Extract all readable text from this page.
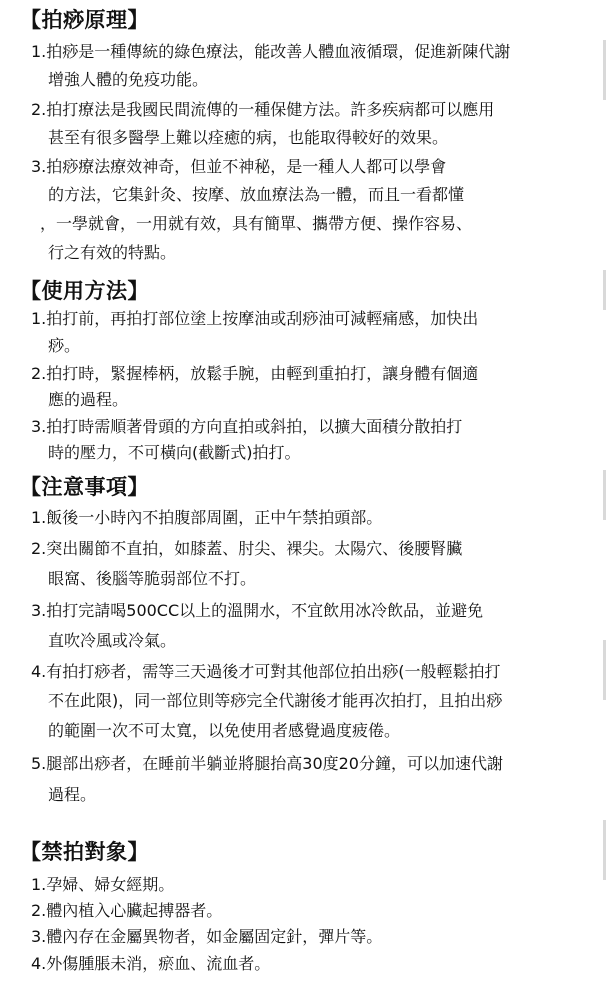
【拍痧原理】
1.拍痧是一種傳統的綠色療法，能改善人體血液循環，促進新陳代謝
增強人體的免疫功能。
2.拍打療法是我國民間流傳的一種保健方法。許多疾病都可以應用
甚至有很多醫學上難以痊癒的病，也能取得較好的效果。
3.拍痧療法療效神奇，但並不神秘，是一種人人都可以學會
的方法，它集針灸、按摩、放血療法為一體，而且一看都懂
，一學就會，一用就有效，具有簡單、攜帶方便、操作容易、
行之有效的特點。
【使用方法】
1.拍打前，再拍打部位塗上按摩油或刮痧油可減輕痛感，加快出
痧。
2.拍打時，緊握棒柄，放鬆手腕，由輕到重拍打，讓身體有個適
應的過程。
3.拍打時需順著骨頭的方向直拍或斜拍，以擴大面積分散拍打
時的壓力，不可橫向(截斷式)拍打。
【注意事項】
1.飯後一小時內不拍腹部周圍，正中午禁拍頭部。
2.突出關節不直拍，如膝蓋、肘尖、裸尖。太陽穴、後腰腎臟
眼窩、後腦等脆弱部位不打。
3.拍打完請喝500CC以上的溫開水，不宜飲用冰冷飲品，並避免
直吹冷風或冷氣。
4.有拍打痧者，需等三天過後才可對其他部位拍出痧(一般輕鬆拍打
不在此限)，同一部位則等痧完全代謝後才能再次拍打，且拍出痧
的範圍一次不可太寬，以免使用者感覺過度疲倦。
5.腿部出痧者，在睡前半躺並將腿抬高30度20分鐘，可以加速代謝
過程。
【禁拍對象】
1.孕婦、婦女經期。
2.體內植入心臟起搏器者。
3.體內存在金屬異物者，如金屬固定針，彈片等。
4.外傷腫脹未消，瘀血、流血者。
